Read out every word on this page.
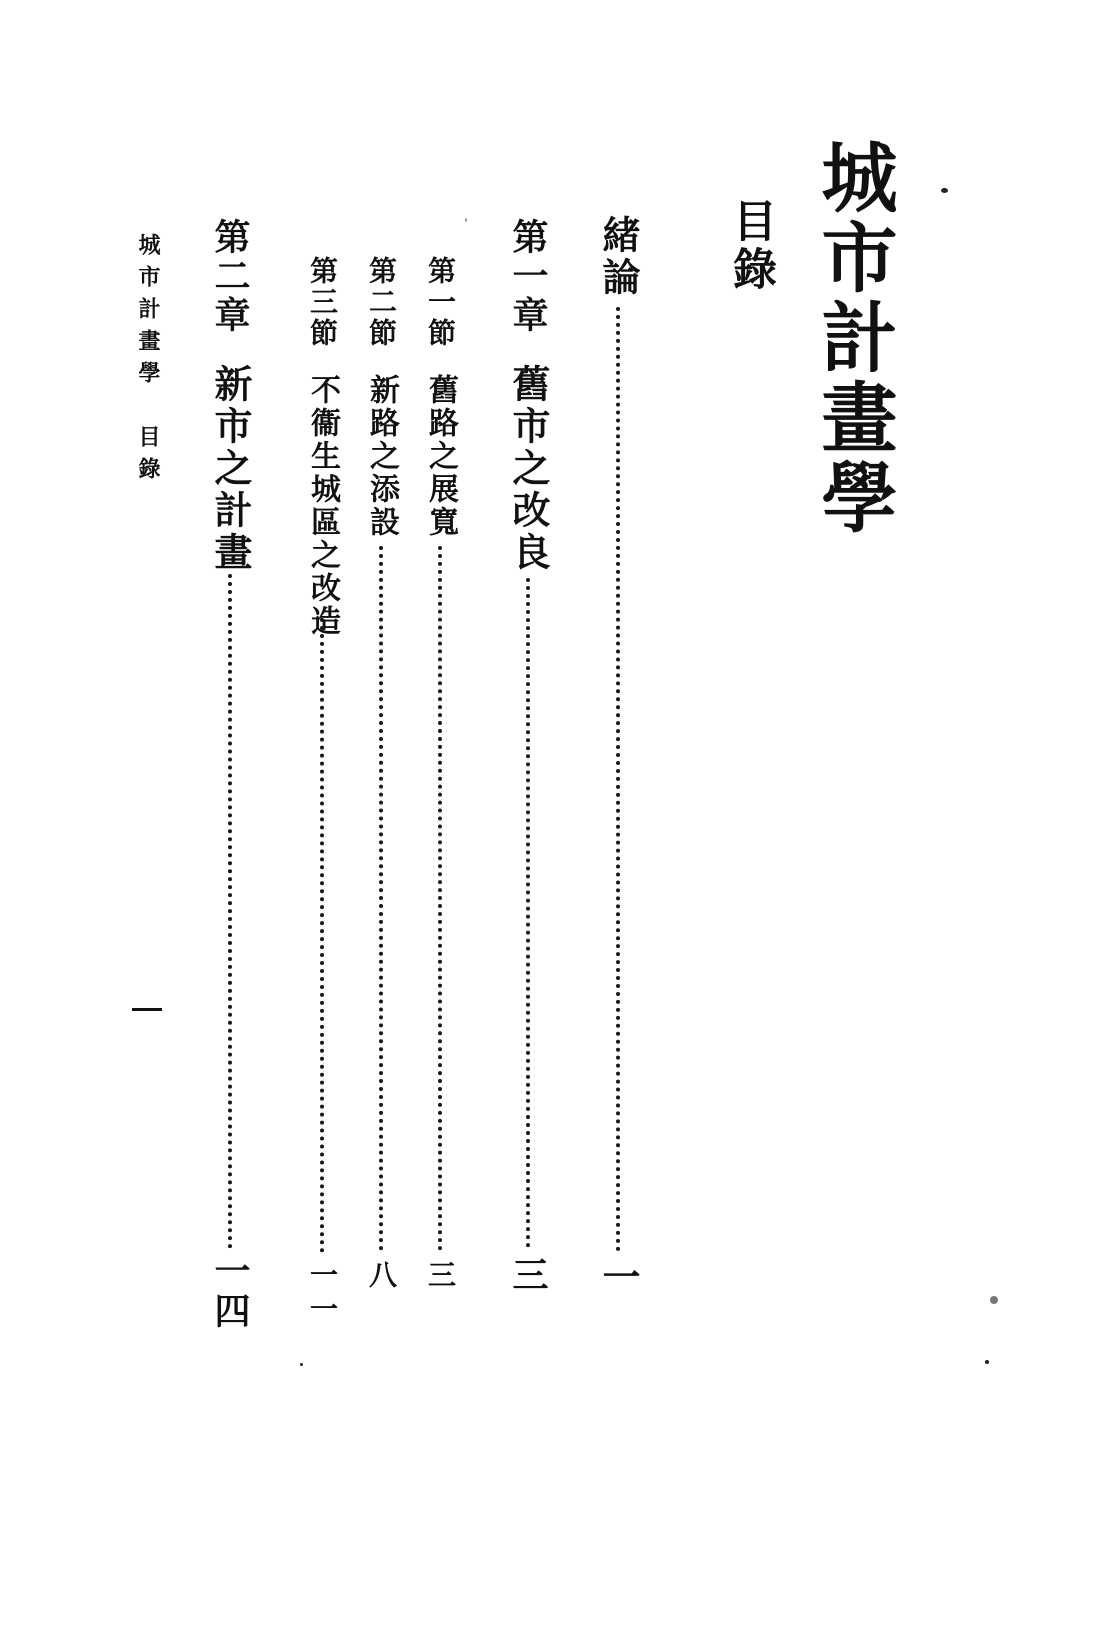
城市計畫學
目錄
緒論
一
第一章
舊市之改良
三
第一節
舊路之展寬
三
第二節
新路之添設
八
第三節
不衞生城區之改造
一一
第二章
新市之計畫
一四
城市計畫學　目錄
